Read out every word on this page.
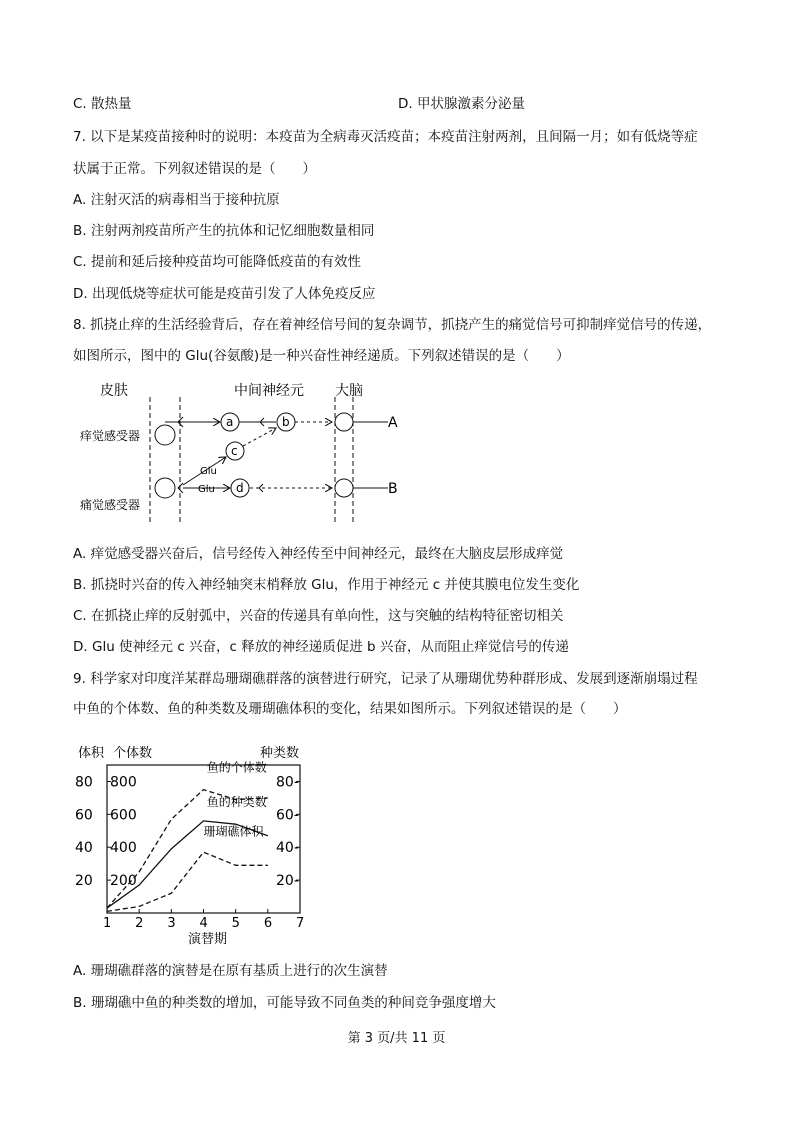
C. 散热量	D. 甲状腺激素分泌量
7. 以下是某疫苗接种时的说明：本疫苗为全病毒灭活疫苗；本疫苗注射两剂，且间隔一月；如有低烧等症
状属于正常。下列叙述错误的是（　　）
A. 注射灭活的病毒相当于接种抗原
B. 注射两剂疫苗所产生的抗体和记忆细胞数量相同
C. 提前和延后接种疫苗均可能降低疫苗的有效性
D. 出现低烧等症状可能是疫苗引发了人体免疫反应
8. 抓挠止痒的生活经验背后，存在着神经信号间的复杂调节，抓挠产生的痛觉信号可抑制痒觉信号的传递，
如图所示，图中的 Glu(谷氨酸)是一种兴奋性神经递质。下列叙述错误的是（　　）
皮肤	中间神经元 大脑
痒觉感受器
痛觉感受器
a	b	A
c
Glu
Glu d	B
A. 痒觉感受器兴奋后，信号经传入神经传至中间神经元，最终在大脑皮层形成痒觉
B. 抓挠时兴奋的传入神经轴突末梢释放 Glu，作用于神经元 c 并使其膜电位发生变化
C. 在抓挠止痒的反射弧中，兴奋的传递具有单向性，这与突触的结构特征密切相关
D. Glu 使神经元 c 兴奋，c 释放的神经递质促进 b 兴奋，从而阻止痒觉信号的传递
9. 科学家对印度洋某群岛珊瑚礁群落的演替进行研究，记录了从珊瑚优势种群形成、发展到逐渐崩塌过程
中鱼的个体数、鱼的种类数及珊瑚礁体积的变化，结果如图所示。下列叙述错误的是（　　）
体积 个体数	种类数
演替期
1 2 3 4 5 6 7
20 200	20-
40 400	40-
60 600	60-
80 800	80-
鱼的个体数
鱼的种类数
珊瑚礁体积
A. 珊瑚礁群落的演替是在原有基质上进行的次生演替
B. 珊瑚礁中鱼的种类数的增加，可能导致不同鱼类的种间竞争强度增大
第 3 页/共 11 页
